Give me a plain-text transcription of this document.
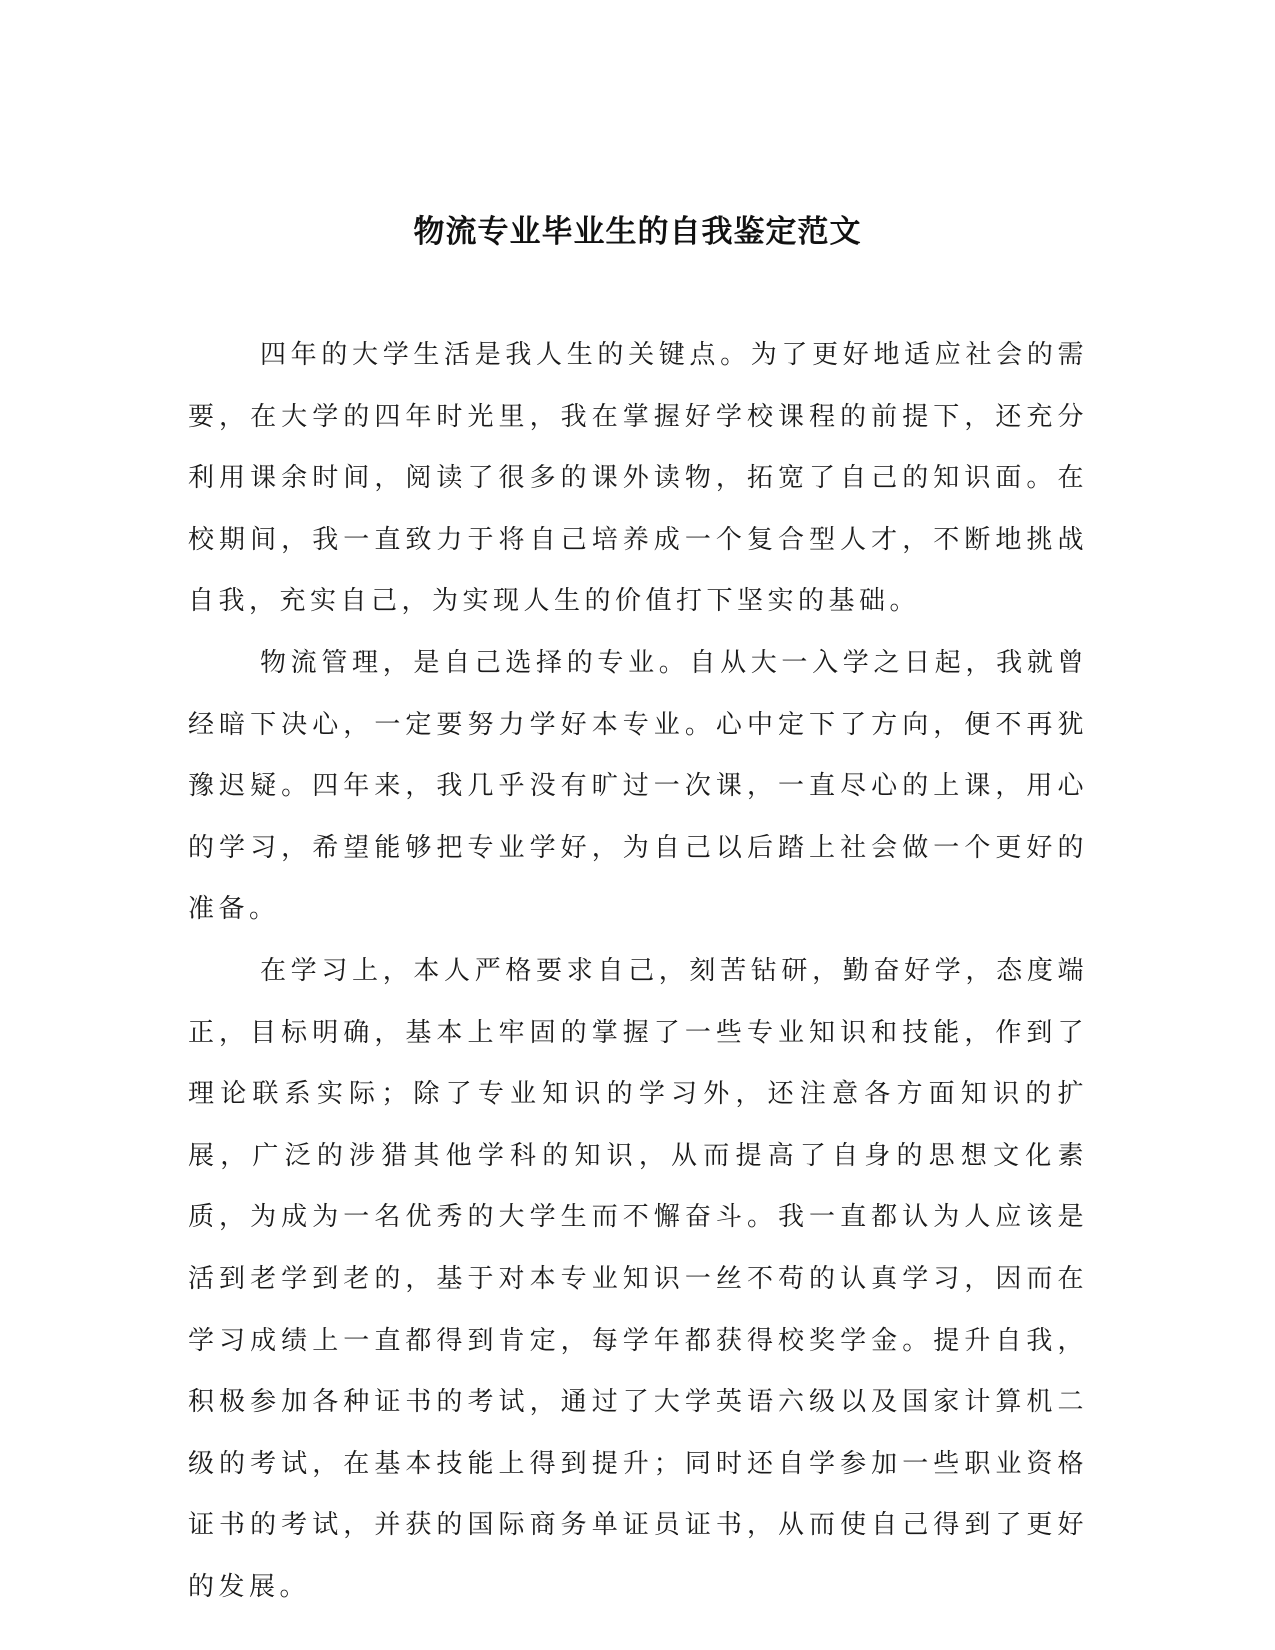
物流专业毕业生的自我鉴定范文

四年的大学生活是我人生的关键点。为了更好地适应社会的需要，在大学的四年时光里，我在掌握好学校课程的前提下，还充分利用课余时间，阅读了很多的课外读物，拓宽了自己的知识面。在校期间，我一直致力于将自己培养成一个复合型人才，不断地挑战自我，充实自己，为实现人生的价值打下坚实的基础。

物流管理，是自己选择的专业。自从大一入学之日起，我就曾经暗下决心，一定要努力学好本专业。心中定下了方向，便不再犹豫迟疑。四年来，我几乎没有旷过一次课，一直尽心的上课，用心的学习，希望能够把专业学好，为自己以后踏上社会做一个更好的准备。

在学习上，本人严格要求自己，刻苦钻研，勤奋好学，态度端正，目标明确，基本上牢固的掌握了一些专业知识和技能，作到了理论联系实际；除了专业知识的学习外，还注意各方面知识的扩展，广泛的涉猎其他学科的知识，从而提高了自身的思想文化素质，为成为一名优秀的大学生而不懈奋斗。我一直都认为人应该是活到老学到老的，基于对本专业知识一丝不苟的认真学习，因而在学习成绩上一直都得到肯定，每学年都获得校奖学金。提升自我，积极参加各种证书的考试，通过了大学英语六级以及国家计算机二级的考试，在基本技能上得到提升；同时还自学参加一些职业资格证书的考试，并获的国际商务单证员证书，从而使自己得到了更好的发展。
